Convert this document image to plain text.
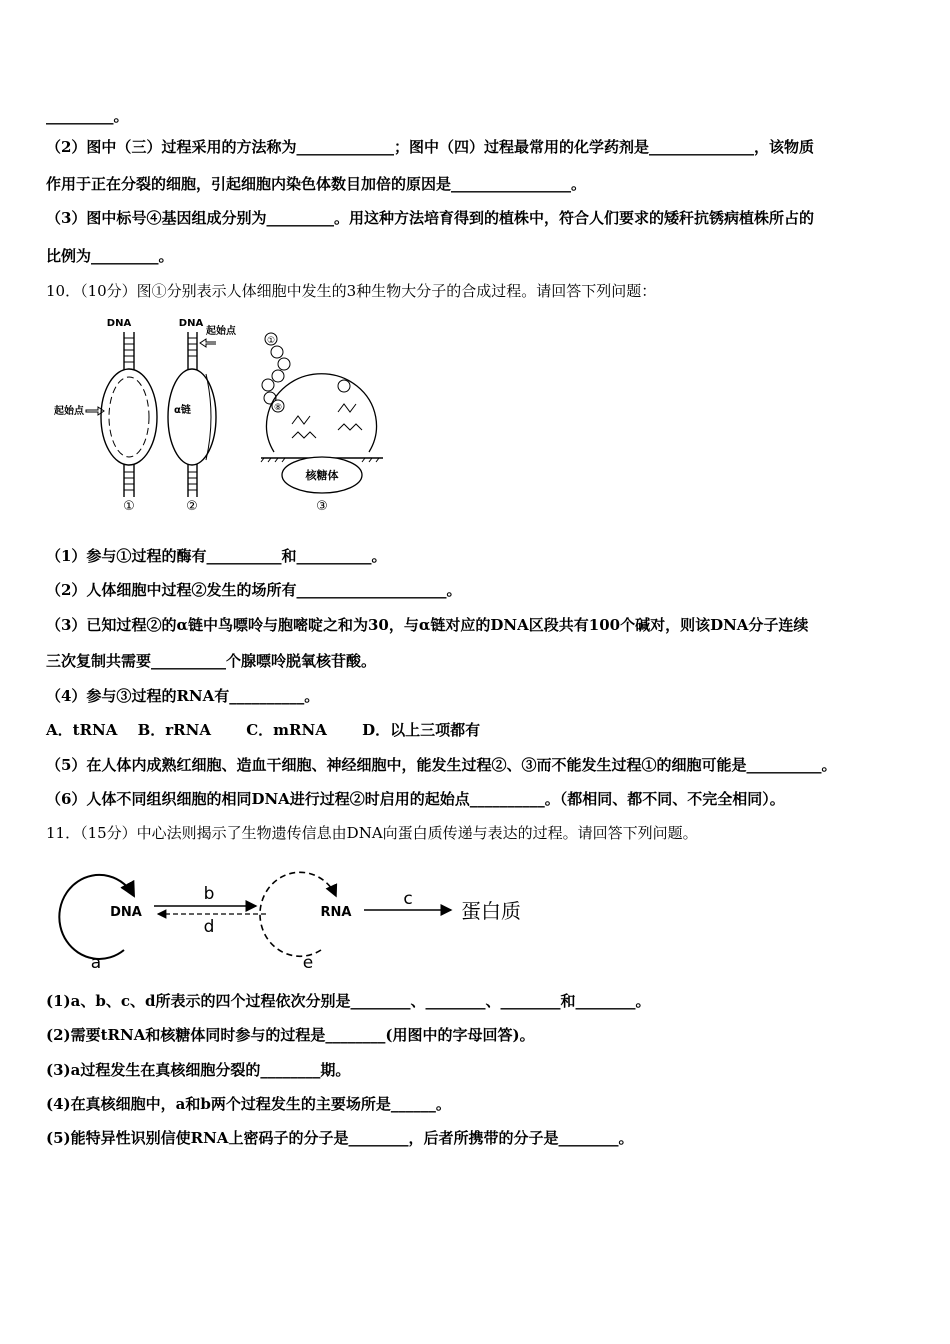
_________。
（2）图中（三）过程采用的方法称为_____________；图中（四）过程最常用的化学药剂是______________，该物质
作用于正在分裂的细胞，引起细胞内染色体数目加倍的原因是________________。
（3）图中标号④基因组成分别为_________。用这种方法培育得到的植株中，符合人们要求的矮秆抗锈病植株所占的
比例为_________。
10．（10分）图①分别表示人体细胞中发生的3种生物大分子的合成过程。请回答下列问题：
DNA
起始点
①
DNA
起始点
α链
②
①
⑧
核糖体
③
（1）参与①过程的酶有__________和__________。
（2）人体细胞中过程②发生的场所有____________________。
（3）已知过程②的α链中鸟嘌呤与胞嘧啶之和为30，与α链对应的DNA区段共有100个碱对，则该DNA分子连续
三次复制共需要__________个腺嘌呤脱氧核苷酸。
（4）参与③过程的RNA有__________。
A．tRNA　 B．rRNA　　 C．mRNA　　 D．以上三项都有
（5）在人体内成熟红细胞、造血干细胞、神经细胞中，能发生过程②、③而不能发生过程①的细胞可能是__________。
（6）人体不同组织细胞的相同DNA进行过程②时启用的起始点__________。（都相同、都不同、不完全相同）。
11．（15分）中心法则揭示了生物遗传信息由DNA向蛋白质传递与表达的过程。请回答下列问题。
DNA
a
b
d
RNA
e
c 蛋白质
(1)a、b、c、d所表示的四个过程依次分别是________、________、________和________。
(2)需要tRNA和核糖体同时参与的过程是________(用图中的字母回答)。
(3)a过程发生在真核细胞分裂的________期。
(4)在真核细胞中，a和b两个过程发生的主要场所是______。
(5)能特异性识别信使RNA上密码子的分子是________，后者所携带的分子是________。
